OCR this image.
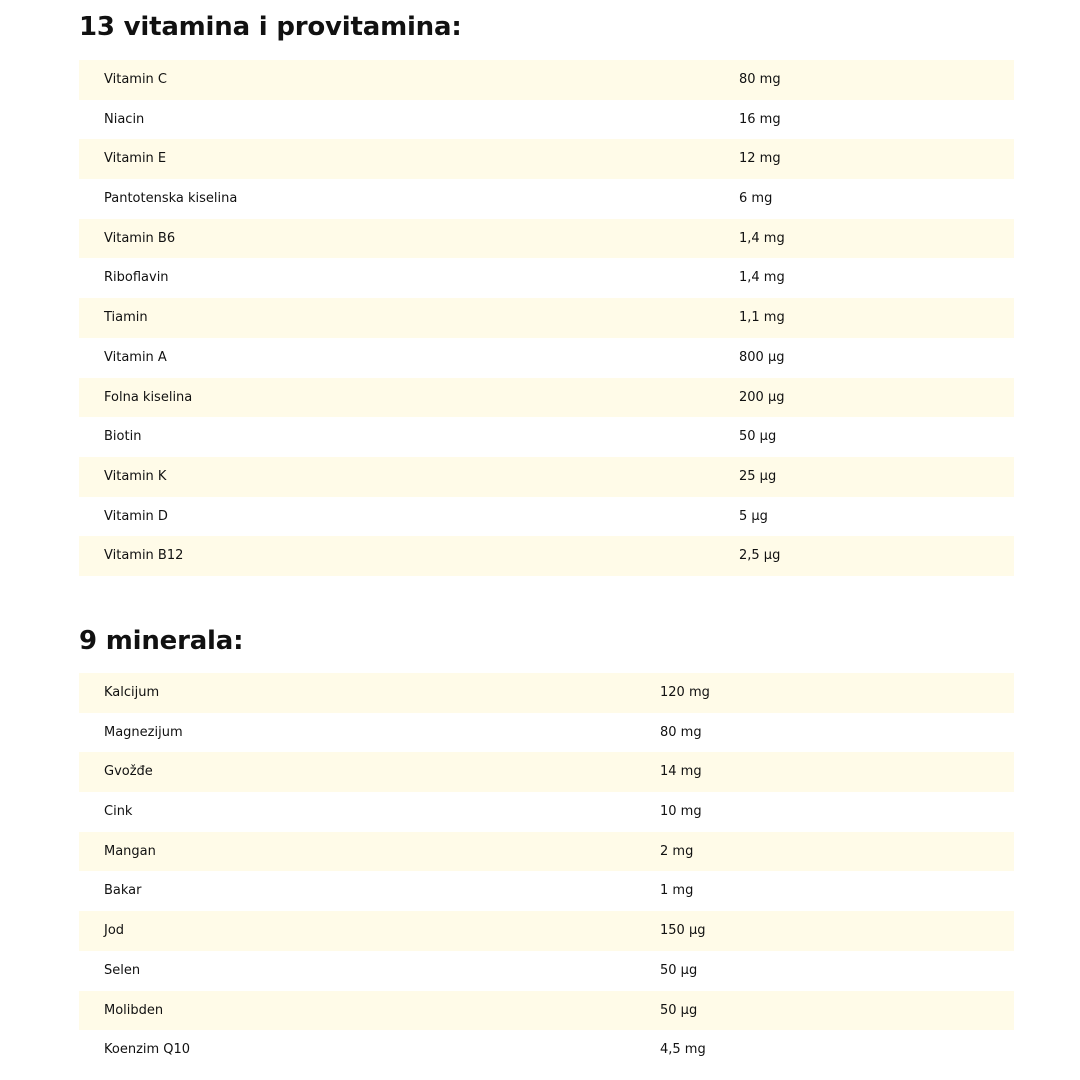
13 vitamina i provitamina:
Vitamin C	80 mg
Niacin	16 mg
Vitamin E	12 mg
Pantotenska kiselina	6 mg
Vitamin B6	1,4 mg
Riboflavin	1,4 mg
Tiamin	1,1 mg
Vitamin A	800 µg
Folna kiselina	200 µg
Biotin	50 µg
Vitamin K	25 µg
Vitamin D	5 µg
Vitamin B12	2,5 µg
9 minerala:
Kalcijum	120 mg
Magnezijum	80 mg
Gvožđe	14 mg
Cink	10 mg
Mangan	2 mg
Bakar	1 mg
Jod	150 µg
Selen	50 µg
Molibden	50 µg
Koenzim Q10	4,5 mg
